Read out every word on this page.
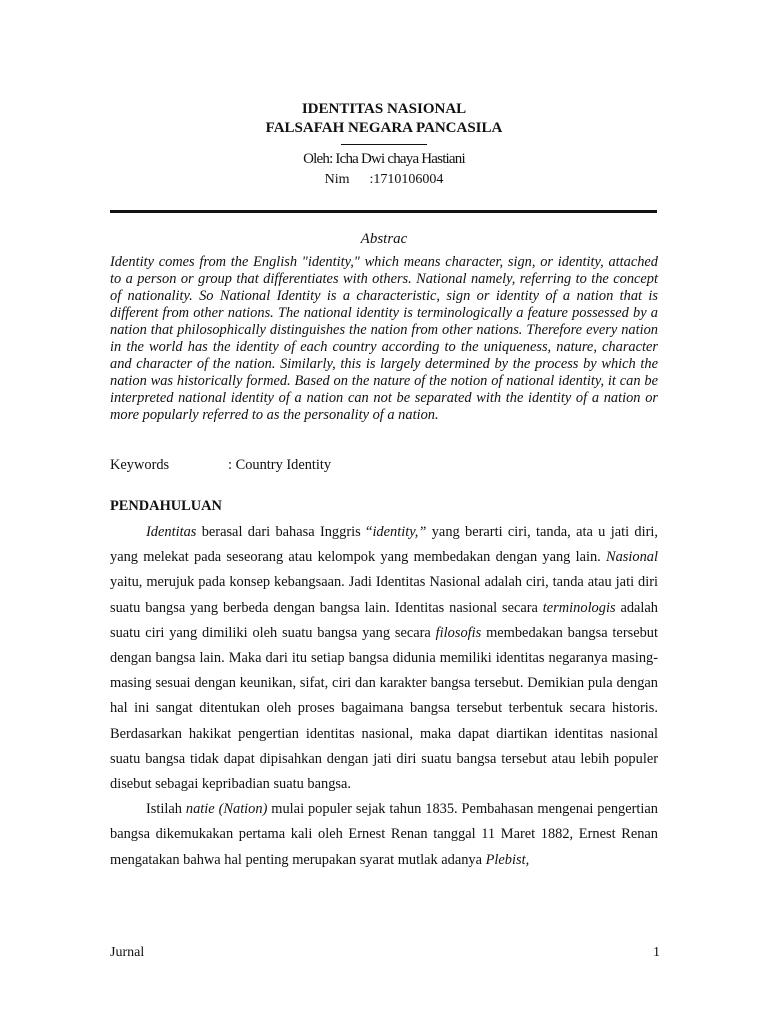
IDENTITAS NASIONAL
FALSAFAH NEGARA PANCASILA
Oleh: Icha Dwi chaya Hastiani
Nim :1710106004
Abstrac
Identity comes from the English "identity," which means character, sign, or identity, attached to a person or group that differentiates with others. National namely, referring to the concept of nationality. So National Identity is a characteristic, sign or identity of a nation that is different from other nations. The national identity is terminologically a feature possessed by a nation that philosophically distinguishes the nation from other nations. Therefore every nation in the world has the identity of each country according to the uniqueness, nature, character and character of the nation. Similarly, this is largely determined by the process by which the nation was historically formed. Based on the nature of the notion of national identity, it can be interpreted national identity of a nation can not be separated with the identity of a nation or more popularly referred to as the personality of a nation.
Keywords	: Country Identity
PENDAHULUAN

Identitas berasal dari bahasa Inggris “identity,” yang berarti ciri, tanda, ata u jati diri, yang melekat pada seseorang atau kelompok yang membedakan dengan yang lain. Nasional yaitu, merujuk pada konsep kebangsaan. Jadi Identitas Nasional adalah ciri, tanda atau jati diri suatu bangsa yang berbeda dengan bangsa lain. Identitas nasional secara terminologis adalah suatu ciri yang dimiliki oleh suatu bangsa yang secara filosofis membedakan bangsa tersebut dengan bangsa lain. Maka dari itu setiap bangsa didunia memiliki identitas negaranya masing-masing sesuai dengan keunikan, sifat, ciri dan karakter bangsa tersebut. Demikian pula dengan hal ini sangat ditentukan oleh proses bagaimana bangsa tersebut terbentuk secara historis. Berdasarkan hakikat pengertian identitas nasional, maka dapat diartikan identitas nasional suatu bangsa tidak dapat dipisahkan dengan jati diri suatu bangsa tersebut atau lebih populer disebut sebagai kepribadian suatu bangsa.

Istilah natie (Nation) mulai populer sejak tahun 1835. Pembahasan mengenai pengertian bangsa dikemukakan pertama kali oleh Ernest Renan tanggal 11 Maret 1882, Ernest Renan mengatakan bahwa hal penting merupakan syarat mutlak adanya Plebist,

Jurnal	1
